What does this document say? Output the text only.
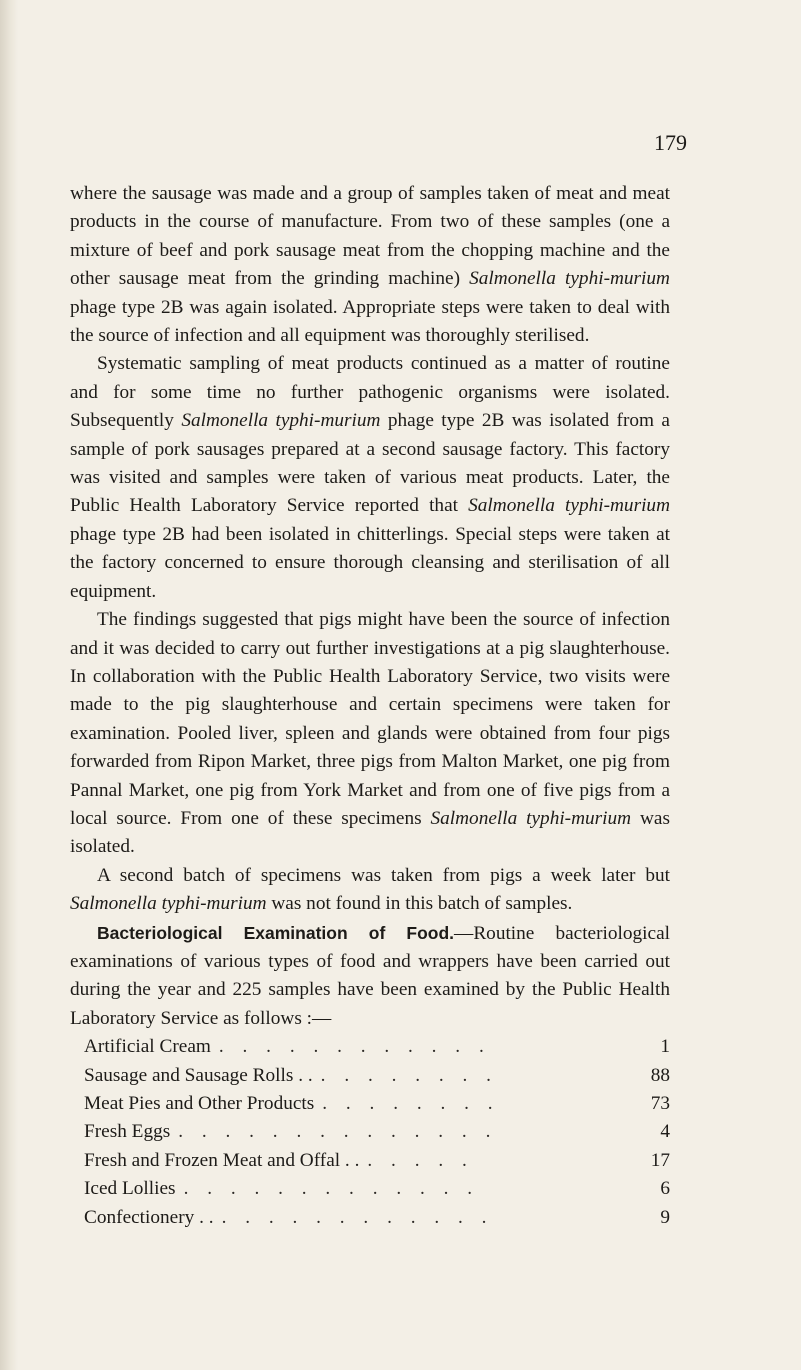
179

where the sausage was made and a group of samples taken of meat and meat products in the course of manufacture. From two of these samples (one a mixture of beef and pork sausage meat from the chopping machine and the other sausage meat from the grinding machine) Salmonella typhi-murium phage type 2B was again isolated. Appropriate steps were taken to deal with the source of infection and all equipment was thoroughly sterilised.

Systematic sampling of meat products continued as a matter of routine and for some time no further pathogenic organisms were isolated. Subsequently Salmonella typhi-murium phage type 2B was isolated from a sample of pork sausages prepared at a second sausage factory. This factory was visited and samples were taken of various meat products. Later, the Public Health Laboratory Service reported that Salmonella typhi-murium phage type 2B had been isolated in chitterlings. Special steps were taken at the factory concerned to ensure thorough cleansing and sterilisation of all equipment.

The findings suggested that pigs might have been the source of infection and it was decided to carry out further investigations at a pig slaughterhouse. In collaboration with the Public Health Laboratory Service, two visits were made to the pig slaughterhouse and certain specimens were taken for examination. Pooled liver, spleen and glands were obtained from four pigs forwarded from Ripon Market, three pigs from Malton Market, one pig from Pannal Market, one pig from York Market and from one of five pigs from a local source. From one of these specimens Salmonella typhi-murium was isolated.

A second batch of specimens was taken from pigs a week later but Salmonella typhi-murium was not found in this batch of samples.

Bacteriological Examination of Food.—Routine bacteriological examinations of various types of food and wrappers have been carried out during the year and 225 samples have been examined by the Public Health Laboratory Service as follows :—

Artificial Cream . . . . . . . . . . . .	1
Sausage and Sausage Rolls . . . . . . . . . .	88
Meat Pies and Other Products . . . . . . . .	73
Fresh Eggs . . . . . . . . . . . . . .	4
Fresh and Frozen Meat and Offal . . . . . . .	17
Iced Lollies . . . . . . . . . . . . .	6
Confectionery . . . . . . . . . . . . . .	9
